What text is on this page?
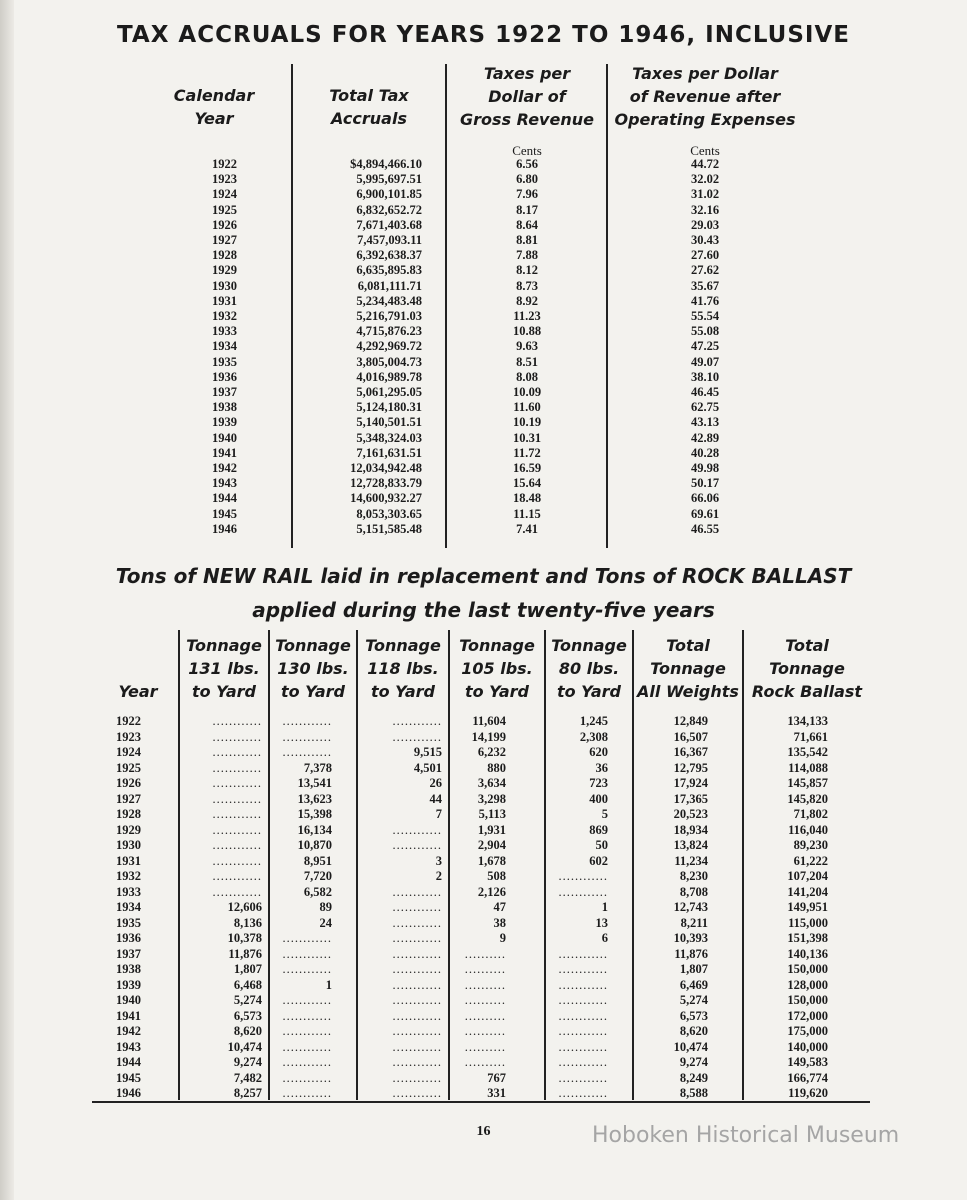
TAX ACCRUALS FOR YEARS 1922 TO 1946, INCLUSIVE
Calendar
Year
Total Tax
Accruals
Taxes per
Dollar of
Gross Revenue
Taxes per Dollar
of Revenue after
Operating Expenses
Cents	Cents
1922
1923
1924
1925
1926
1927
1928
1929
1930
1931
1932
1933
1934
1935
1936
1937
1938
1939
1940
1941
1942
1943
1944
1945
1946
$4,894,466.10
5,995,697.51
6,900,101.85
6,832,652.72
7,671,403.68
7,457,093.11
6,392,638.37
6,635,895.83
6,081,111.71
5,234,483.48
5,216,791.03
4,715,876.23
4,292,969.72
3,805,004.73
4,016,989.78
5,061,295.05
5,124,180.31
5,140,501.51
5,348,324.03
7,161,631.51
12,034,942.48
12,728,833.79
14,600,932.27
8,053,303.65
5,151,585.48
6.56
6.80
7.96
8.17
8.64
8.81
7.88
8.12
8.73
8.92
11.23
10.88
9.63
8.51
8.08
10.09
11.60
10.19
10.31
11.72
16.59
15.64
18.48
11.15
7.41
44.72
32.02
31.02
32.16
29.03
30.43
27.60
27.62
35.67
41.76
55.54
55.08
47.25
49.07
38.10
46.45
62.75
43.13
42.89
40.28
49.98
50.17
66.06
69.61
46.55
Tons of NEW RAIL laid in replacement and Tons of ROCK BALLAST
applied during the last twenty-five years
Year
Tonnage
131 lbs.
to Yard
Tonnage
130 lbs.
to Yard
Tonnage
118 lbs.
to Yard
Tonnage
105 lbs.
to Yard
Tonnage
80 lbs.
to Yard
Total
Tonnage
All Weights
Total
Tonnage
Rock Ballast
1922
1923
1924
1925
1926
1927
1928
1929
1930
1931
1932
1933
1934
1935
1936
1937
1938
1939
1940
1941
1942
1943
1944
1945
1946
............
............
............
............
............
............
............
............
............
............
............
............
12,606
8,136
10,378
11,876
1,807
6,468
5,274
6,573
8,620
10,474
9,274
7,482
8,257
............
............
............
7,378
13,541
13,623
15,398
16,134
10,870
8,951
7,720
6,582
89
24
............
............
............
1
............
............
............
............
............
............
............
............
............
9,515
4,501
26
44
7
............
............
3
2
............
............
............
............
............
............
............
............
............
............
............
............
............
............
11,604
14,199
6,232
880
3,634
3,298
5,113
1,931
2,904
1,678
508
2,126
47
38
9
..........
..........
..........
..........
..........
..........
..........
..........
767
331
1,245
2,308
620
36
723
400
5
869
50
602
............
............
1
13
6
............
............
............
............
............
............
............
............
............
............
12,849
16,507
16,367
12,795
17,924
17,365
20,523
18,934
13,824
11,234
8,230
8,708
12,743
8,211
10,393
11,876
1,807
6,469
5,274
6,573
8,620
10,474
9,274
8,249
8,588
134,133
71,661
135,542
114,088
145,857
145,820
71,802
116,040
89,230
61,222
107,204
141,204
149,951
115,000
151,398
140,136
150,000
128,000
150,000
172,000
175,000
140,000
149,583
166,774
119,620
16	Hoboken Historical Museum
